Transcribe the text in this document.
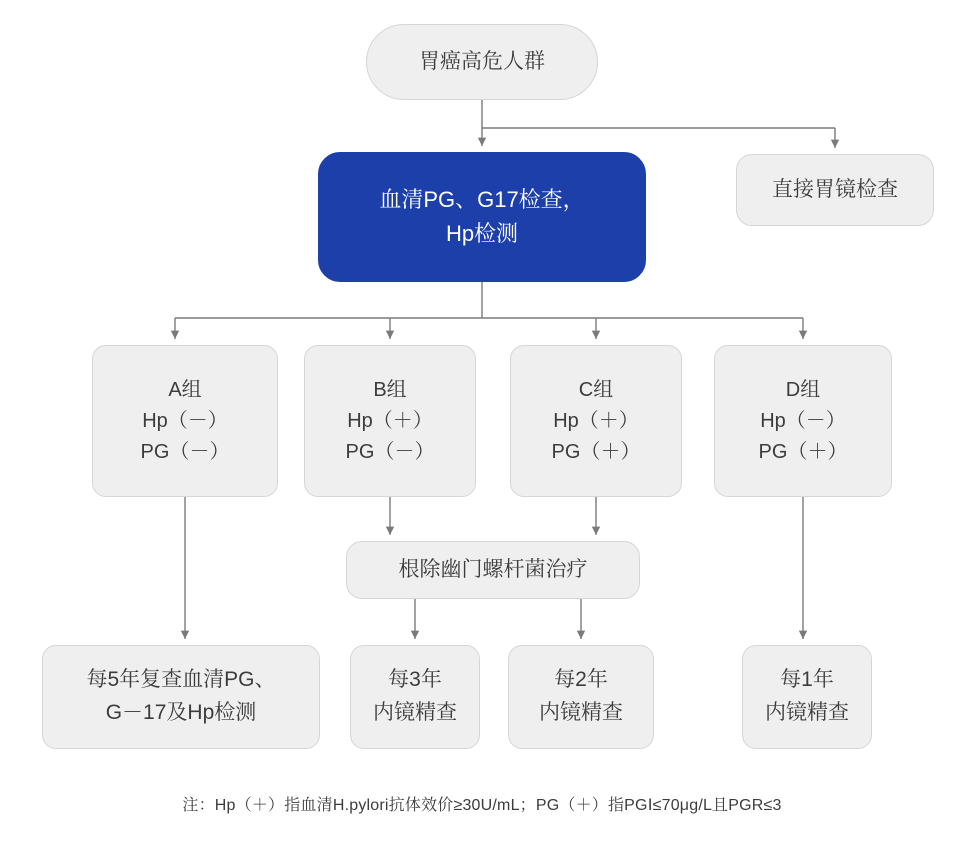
胃癌高危人群
血清PG、G17检查，
Hp检测
直接胃镜检查
A组
Hp（－）
PG（－）
B组
Hp（＋）
PG（－）
C组
Hp（＋）
PG（＋）
D组
Hp（－）
PG（＋）
根除幽门螺杆菌治疗
每5年复查血清PG、
G－17及Hp检测
每3年
内镜精查
每2年
内镜精查
每1年
内镜精查
注：Hp（＋）指血清H.pylori抗体效价≥30U/mL；PG（＋）指PGⅠ≤70μg/L且PGR≤3
